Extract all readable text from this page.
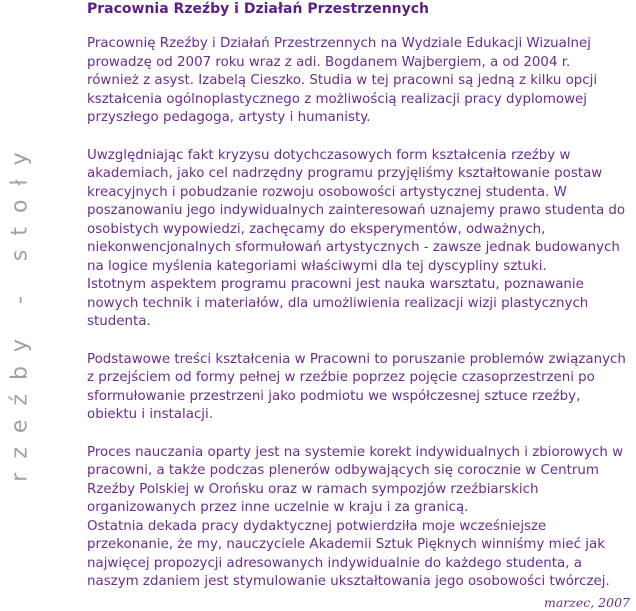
rzeźby - stoły
Pracownia Rzeźby i Działań Przestrzennych
Pracownię Rzeźby i Działań Przestrzennych na Wydziale Edukacji Wizualnej
prowadzę od 2007 roku wraz z adi. Bogdanem Wajbergiem, a od 2004 r.
również z asyst. Izabelą Cieszko. Studia w tej pracowni są jedną z kilku opcji
kształcenia ogólnoplastycznego z możliwością realizacji pracy dyplomowej
przyszłego pedagoga, artysty i humanisty.
Uwzględniając fakt kryzysu dotychczasowych form kształcenia rzeźby w
akademiach, jako cel nadrzędny programu przyjęliśmy kształtowanie postaw
kreacyjnych i pobudzanie rozwoju osobowości artystycznej studenta. W
poszanowaniu jego indywidualnych zainteresowań uznajemy prawo studenta do
osobistych wypowiedzi, zachęcamy do eksperymentów, odważnych,
niekonwencjonalnych sformułowań artystycznych - zawsze jednak budowanych
na logice myślenia kategoriami właściwymi dla tej dyscypliny sztuki.
Istotnym aspektem programu pracowni jest nauka warsztatu, poznawanie
nowych technik i materiałów, dla umożliwienia realizacji wizji plastycznych
studenta.
Podstawowe treści kształcenia w Pracowni to poruszanie problemów związanych
z przejściem od formy pełnej w rzeźbie poprzez pojęcie czasoprzestrzeni po
sformułowanie przestrzeni jako podmiotu we współczesnej sztuce rzeźby,
obiektu i instalacji.
Proces nauczania oparty jest na systemie korekt indywidualnych i zbiorowych w
pracowni, a także podczas plenerów odbywających się corocznie w Centrum
Rzeźby Polskiej w Orońsku oraz w ramach sympozjów rzeźbiarskich
organizowanych przez inne uczelnie w kraju i za granicą.
Ostatnia dekada pracy dydaktycznej potwierdziła moje wcześniejsze
przekonanie, że my, nauczyciele Akademii Sztuk Pięknych winniśmy mieć jak
najwięcej propozycji adresowanych indywidualnie do każdego studenta, a
naszym zdaniem jest stymulowanie ukształtowania jego osobowości twórczej.
marzec, 2007
